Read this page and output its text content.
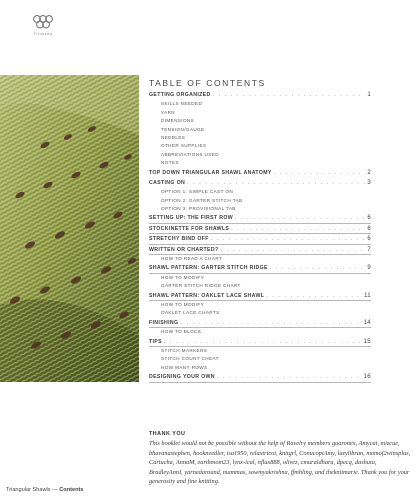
Tricksey
TABLE OF CONTENTS
GETTING ORGANIZED . . .	1
SKILLS NEEDED
YARN
DIMENSIONS
TENSION/GAUGE
NEEDLES
OTHER SUPPLIES
ABBREVIATIONS USED
NOTES
TOP DOWN TRIANGULAR SHAWL ANATOMY . . .	2
CASTING ON . . .	3
OPTION 1: SIMPLE CAST ON
OPTION 2: GARTER STITCH TAB
OPTION 3: PROVISIONAL TAB
SETTING UP: THE FIRST ROW . . .	6
STOCKINETTE FOR SHAWLS . . .	6
STRETCHY BIND OFF . . .	6
WRITTEN OR CHARTED? . . .	7
HOW TO READ A CHART
SHAWL PATTERN: GARTER STITCH RIDGE . . .	9
HOW TO MODIFY
GARTER STITCH RIDGE CHART
SHAWL PATTERN: OAKLET LACE SHAWL . . .	11
HOW TO MODIFY
OAKLET LACE CHARTS
FINISHING . . .	14
HOW TO BLOCK
TIPS . . .	15
STITCH MARKERS
STITCH COUNT CHEAT
HOW MANY ROWS
DESIGNING YOUR OWN . . .	16
THANK YOU
This booklet would not be possible without the help of Ravelry members guaronex, Amycat, mizcue, bhavanastephen, hookneedler, isa1950, relaxtricot, knitgrl, ConucopiAmy, lazylibran, momof2winsplus, Cartucha, AnnaM, earthmom23, lynx-ical, nflux888, olivez, cmuraldhara, dpecq, dashuta, BradleyAnnI, yarnedaround, mammas, sowmyakrishna, ffmhling, and theknitmarie. Thank you for your generosity and fine knitting.
Triangular Shawls — Contents
